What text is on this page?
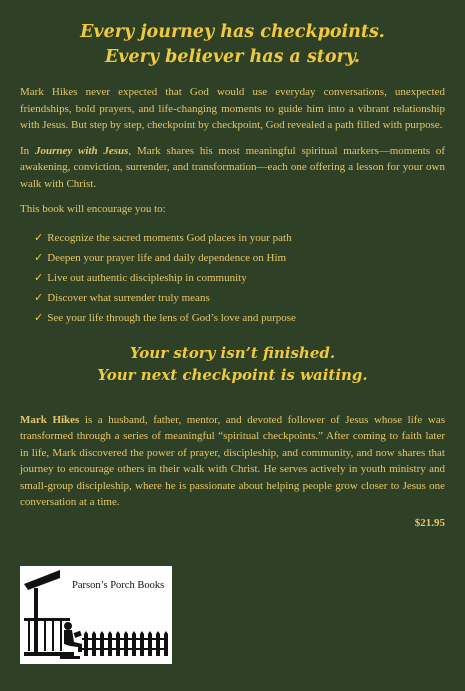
Every journey has checkpoints.
Every believer has a story.

Mark Hikes never expected that God would use everyday conversations, unexpected friendships, bold prayers, and life-changing moments to guide him into a vibrant relationship with Jesus. But step by step, checkpoint by checkpoint, God revealed a path filled with purpose.

In Journey with Jesus, Mark shares his most meaningful spiritual markers—moments of awakening, conviction, surrender, and transformation—each one offering a lesson for your own walk with Christ.

This book will encourage you to:

✓ Recognize the sacred moments God places in your path
✓ Deepen your prayer life and daily dependence on Him
✓ Live out authentic discipleship in community
✓ Discover what surrender truly means
✓ See your life through the lens of God’s love and purpose
Your story isn’t finished.
Your next checkpoint is waiting.

Mark Hikes is a husband, father, mentor, and devoted follower of Jesus whose life was transformed through a series of meaningful “spiritual checkpoints.” After coming to faith later in life, Mark discovered the power of prayer, discipleship, and community, and now shares that journey to encourage others in their walk with Christ. He serves actively in youth ministry and small-group discipleship, where he is passionate about helping people grow closer to Jesus one conversation at a time.

$21.95
Parson’s Porch Books
